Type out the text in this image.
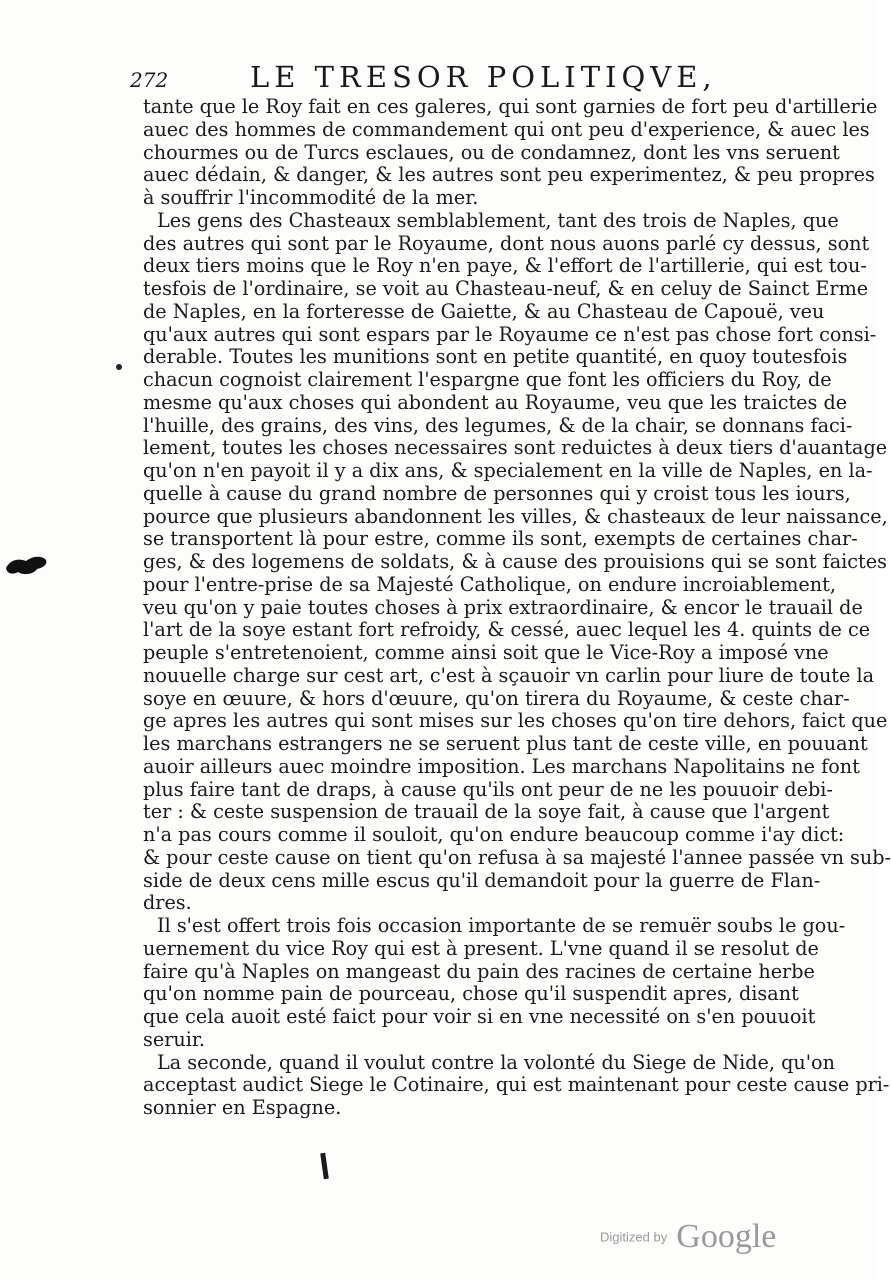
272	LE TRESOR POLITIQVE,
tante que le Roy fait en ces galeres, qui sont garnies de fort peu d'artillerie
auec des hommes de commandement qui ont peu d'experience, & auec les
chourmes ou de Turcs esclaues, ou de condamnez, dont les vns seruent
auec dédain, & danger, & les autres sont peu experimentez, & peu propres
à souffrir l'incommodité de la mer.
Les gens des Chasteaux semblablement, tant des trois de Naples, que
des autres qui sont par le Royaume, dont nous auons parlé cy dessus, sont
deux tiers moins que le Roy n'en paye, & l'effort de l'artillerie, qui est tou-
tesfois de l'ordinaire, se voit au Chasteau-neuf, & en celuy de Sainct Erme
de Naples, en la forteresse de Gaiette, & au Chasteau de Capouë, veu
qu'aux autres qui sont espars par le Royaume ce n'est pas chose fort consi-
derable. Toutes les munitions sont en petite quantité, en quoy toutesfois
chacun cognoist clairement l'espargne que font les officiers du Roy, de
mesme qu'aux choses qui abondent au Royaume, veu que les traictes de
l'huille, des grains, des vins, des legumes, & de la chair, se donnans faci-
lement, toutes les choses necessaires sont reduictes à deux tiers d'auantage
qu'on n'en payoit il y a dix ans, & specialement en la ville de Naples, en la-
quelle à cause du grand nombre de personnes qui y croist tous les iours,
pource que plusieurs abandonnent les villes, & chasteaux de leur naissance,
se transportent là pour estre, comme ils sont, exempts de certaines char-
ges, & des logemens de soldats, & à cause des prouisions qui se sont faictes
pour l'entre-prise de sa Majesté Catholique, on endure incroiablement,
veu qu'on y paie toutes choses à prix extraordinaire, & encor le trauail de
l'art de la soye estant fort refroidy, & cessé, auec lequel les 4. quints de ce
peuple s'entretenoient, comme ainsi soit que le Vice-Roy a imposé vne
nouuelle charge sur cest art, c'est à sçauoir vn carlin pour liure de toute la
soye en œuure, & hors d'œuure, qu'on tirera du Royaume, & ceste char-
ge apres les autres qui sont mises sur les choses qu'on tire dehors, faict que
les marchans estrangers ne se seruent plus tant de ceste ville, en pouuant
auoir ailleurs auec moindre imposition. Les marchans Napolitains ne font
plus faire tant de draps, à cause qu'ils ont peur de ne les pouuoir debi-
ter : & ceste suspension de trauail de la soye fait, à cause que l'argent
n'a pas cours comme il souloit, qu'on endure beaucoup comme i'ay dict:
& pour ceste cause on tient qu'on refusa à sa majesté l'annee passée vn sub-
side de deux cens mille escus qu'il demandoit pour la guerre de Flan-
dres.
Il s'est offert trois fois occasion importante de se remuër soubs le gou-
uernement du vice Roy qui est à present. L'vne quand il se resolut de
faire qu'à Naples on mangeast du pain des racines de certaine herbe
qu'on nomme pain de pourceau, chose qu'il suspendit apres, disant
que cela auoit esté faict pour voir si en vne necessité on s'en pouuoit
seruir.
La seconde, quand il voulut contre la volonté du Siege de Nide, qu'on
acceptast audict Siege le Cotinaire, qui est maintenant pour ceste cause pri-
sonnier en Espagne.
Digitized by Google
